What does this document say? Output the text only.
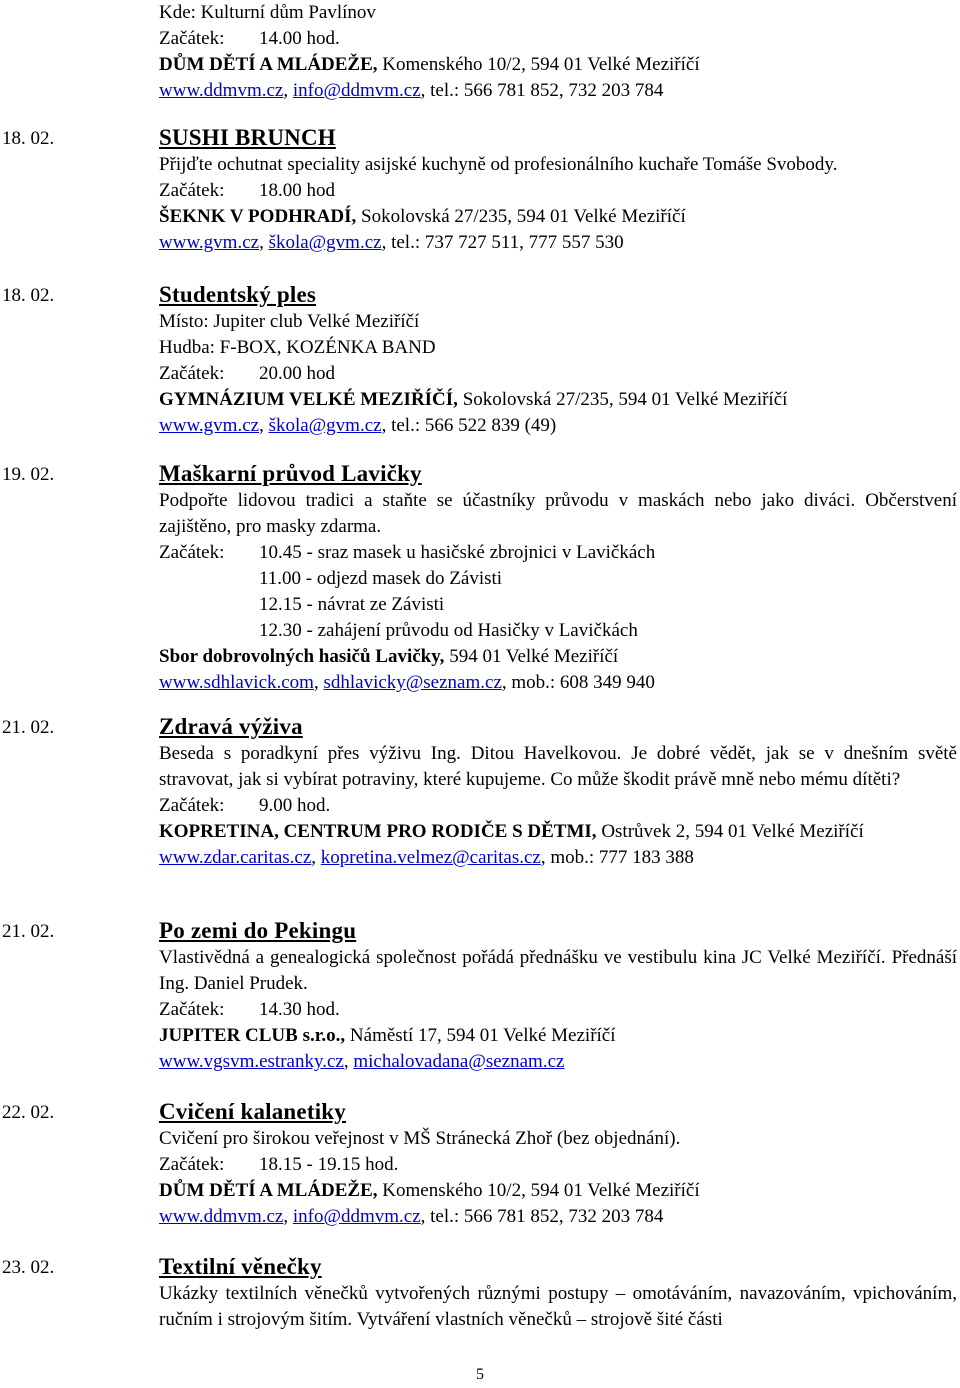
Kde: Kulturní dům Pavlínov
Začátek: 14.00 hod.
DŮM DĚTÍ A MLÁDEŽE, Komenského 10/2, 594 01 Velké Meziříčí
www.ddmvm.cz, info@ddmvm.cz, tel.: 566 781 852, 732 203 784
18. 02.	SUSHI BRUNCH
Přijďte ochutnat speciality asijské kuchyně od profesionálního kuchaře Tomáše Svobody.
Začátek: 18.00 hod
ŠEKNK V PODHRADÍ, Sokolovská 27/235, 594 01 Velké Meziříčí
www.gvm.cz, škola@gvm.cz, tel.: 737 727 511, 777 557 530
18. 02.	Studentský ples
Místo: Jupiter club Velké Meziříčí
Hudba: F-BOX, KOZÉNKA BAND
Začátek: 20.00 hod
GYMNÁZIUM VELKÉ MEZIŘÍČÍ, Sokolovská 27/235, 594 01 Velké Meziříčí
www.gvm.cz, škola@gvm.cz, tel.: 566 522 839 (49)
19. 02.	Maškarní průvod Lavičky
Podpořte lidovou tradici a staňte se účastníky průvodu v maskách nebo jako diváci. Občerstvení zajištěno, pro masky zdarma.
Začátek: 10.45 - sraz masek u hasičské zbrojnici v Lavičkách
11.00 - odjezd masek do Závisti
12.15 - návrat ze Závisti
12.30 - zahájení průvodu od Hasičky v Lavičkách
Sbor dobrovolných hasičů Lavičky, 594 01 Velké Meziříčí
www.sdhlavick.com, sdhlavicky@seznam.cz, mob.: 608 349 940
21. 02.	Zdravá výživa
Beseda s poradkyní přes výživu Ing. Ditou Havelkovou. Je dobré vědět, jak se v dnešním světě stravovat, jak si vybírat potraviny, které kupujeme. Co může škodit právě mně nebo mému dítěti?
Začátek: 9.00 hod.
KOPRETINA, CENTRUM PRO RODIČE S DĚTMI, Ostrůvek 2, 594 01 Velké Meziříčí
www.zdar.caritas.cz, kopretina.velmez@caritas.cz, mob.: 777 183 388
21. 02.	Po zemi do Pekingu
Vlastivědná a genealogická společnost pořádá přednášku ve vestibulu kina JC Velké Meziříčí. Přednáší Ing. Daniel Prudek.
Začátek: 14.30 hod.
JUPITER CLUB s.r.o., Náměstí 17, 594 01 Velké Meziříčí
www.vgsvm.estranky.cz, michalovadana@seznam.cz
22. 02.	Cvičení kalanetiky
Cvičení pro širokou veřejnost v MŠ Stránecká Zhoř (bez objednání).
Začátek: 18.15 - 19.15 hod.
DŮM DĚTÍ A MLÁDEŽE, Komenského 10/2, 594 01 Velké Meziříčí
www.ddmvm.cz, info@ddmvm.cz, tel.: 566 781 852, 732 203 784
23. 02.	Textilní věnečky
Ukázky textilních věnečků vytvořených různými postupy – omotáváním, navazováním, vpichováním, ručním i strojovým šitím. Vytváření vlastních věnečků – strojově šité části
5
